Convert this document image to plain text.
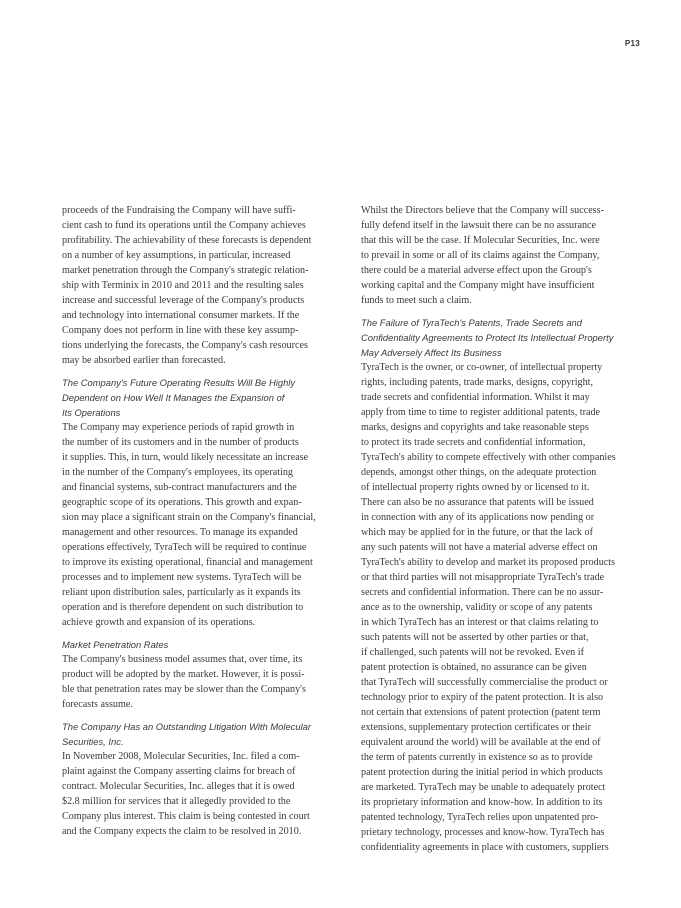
P13
proceeds of the Fundraising the Company will have suffi-
cient cash to fund its operations until the Company achieves
profitability. The achievability of these forecasts is dependent
on a number of key assumptions, in particular, increased
market penetration through the Company's strategic relation-
ship with Terminix in 2010 and 2011 and the resulting sales
increase and successful leverage of the Company's products
and technology into international consumer markets. If the
Company does not perform in line with these key assump-
tions underlying the forecasts, the Company's cash resources
may be absorbed earlier than forecasted.
The Company's Future Operating Results Will Be Highly
Dependent on How Well It Manages the Expansion of
Its Operations
The Company may experience periods of rapid growth in
the number of its customers and in the number of products
it supplies. This, in turn, would likely necessitate an increase
in the number of the Company's employees, its operating
and financial systems, sub-contract manufacturers and the
geographic scope of its operations. This growth and expan-
sion may place a significant strain on the Company's financial,
management and other resources. To manage its expanded
operations effectively, TyraTech will be required to continue
to improve its existing operational, financial and management
processes and to implement new systems. TyraTech will be
reliant upon distribution sales, particularly as it expands its
operation and is therefore dependent on such distribution to
achieve growth and expansion of its operations.
Market Penetration Rates
The Company's business model assumes that, over time, its
product will be adopted by the market. However, it is possi-
ble that penetration rates may be slower than the Company's
forecasts assume.
The Company Has an Outstanding Litigation With Molecular
Securities, Inc.
In November 2008, Molecular Securities, Inc. filed a com-
plaint against the Company asserting claims for breach of
contract. Molecular Securities, Inc. alleges that it is owed
$2.8 million for services that it allegedly provided to the
Company plus interest. This claim is being contested in court
and the Company expects the claim to be resolved in 2010.
Whilst the Directors believe that the Company will success-
fully defend itself in the lawsuit there can be no assurance
that this will be the case. If Molecular Securities, Inc. were
to prevail in some or all of its claims against the Company,
there could be a material adverse effect upon the Group's
working capital and the Company might have insufficient
funds to meet such a claim.
The Failure of TyraTech's Patents, Trade Secrets and
Confidentiality Agreements to Protect Its Intellectual Property
May Adversely Affect Its Business
TyraTech is the owner, or co-owner, of intellectual property
rights, including patents, trade marks, designs, copyright,
trade secrets and confidential information. Whilst it may
apply from time to time to register additional patents, trade
marks, designs and copyrights and take reasonable steps
to protect its trade secrets and confidential information,
TyraTech's ability to compete effectively with other companies
depends, amongst other things, on the adequate protection
of intellectual property rights owned by or licensed to it.
There can also be no assurance that patents will be issued
in connection with any of its applications now pending or
which may be applied for in the future, or that the lack of
any such patents will not have a material adverse effect on
TyraTech's ability to develop and market its proposed products
or that third parties will not misappropriate TyraTech's trade
secrets and confidential information. There can be no assur-
ance as to the ownership, validity or scope of any patents
in which TyraTech has an interest or that claims relating to
such patents will not be asserted by other parties or that,
if challenged, such patents will not be revoked. Even if
patent protection is obtained, no assurance can be given
that TyraTech will successfully commercialise the product or
technology prior to expiry of the patent protection. It is also
not certain that extensions of patent protection (patent term
extensions, supplementary protection certificates or their
equivalent around the world) will be available at the end of
the term of patents currently in existence so as to provide
patent protection during the initial period in which products
are marketed. TyraTech may be unable to adequately protect
its proprietary information and know-how. In addition to its
patented technology, TyraTech relies upon unpatented pro-
prietary technology, processes and know-how. TyraTech has
confidentiality agreements in place with customers, suppliers
